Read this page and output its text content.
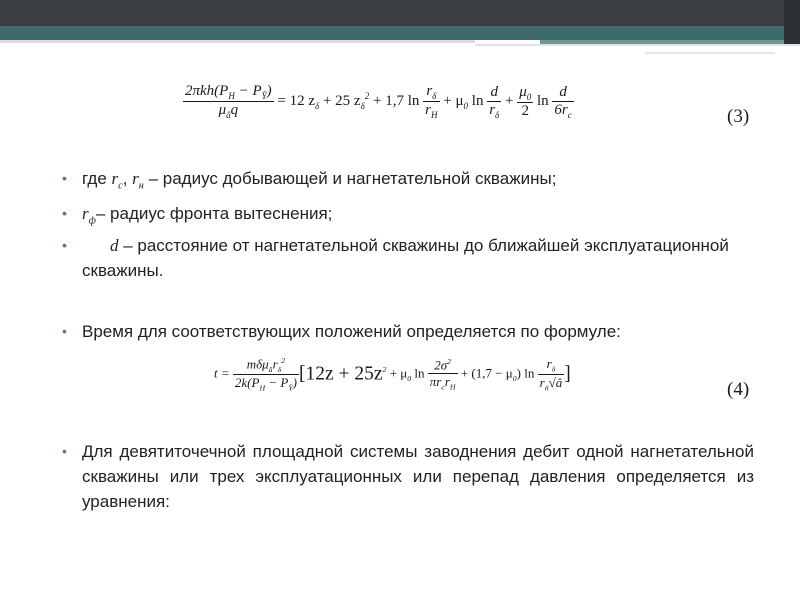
$\frac{2\pi kh(P_H - P_Ÿ)}{\mu_âq} = 12$ $z_\delta + 25$ $z_\delta^2 + 1,7$ $\ln \frac{r_\delta}{r_H} + \mu_0$ $\ln \frac{d}{r_\delta} + \frac{\mu_0}{2}$ $\ln \frac{d}{6r_c}$	(3)
• где $r_c$, $r_н$ – радиус добывающей и нагнетательной скважины;
• $r_ф-$ радиус фронта вытеснения;
•	d – расстояние от нагнетательной скважины до ближайшей эксплуатационной скважины.
• Время для соответствующих положений определяется по формуле:
$t = \frac{m\delta\mu_âr_\delta^2}{2k(P_H - P_Ÿ)} [12z + 25z^2 + \mu_0$ $\ln \frac{2\sigma^2}{\pi r_cr_H} + (1,7 - \mu_0)$ $\ln \frac{r_\delta}{r_ñ√â}$ ]
(4)
• Для девятиточечной площадной системы заводнения дебит одной нагнетательной скважины или трех эксплуатационных или перепад давления определяется из уравнения:
